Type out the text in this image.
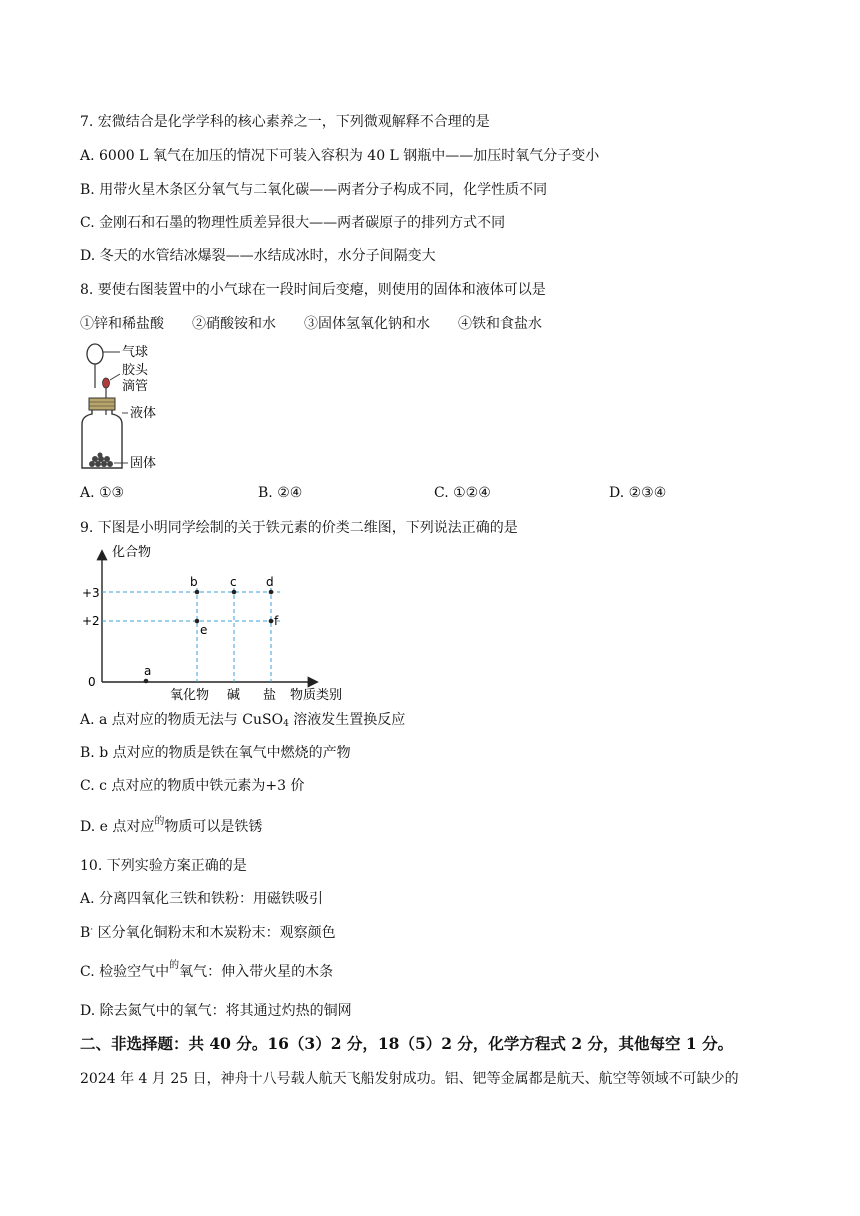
7. 宏微结合是化学学科的核心素养之一，下列微观解释不合理的是
A. 6000 L 氧气在加压的情况下可装入容积为 40 L 钢瓶中——加压时氧气分子变小
B. 用带火星木条区分氧气与二氧化碳——两者分子构成不同，化学性质不同
C. 金刚石和石墨的物理性质差异很大——两者碳原子的排列方式不同
D. 冬天的水管结冰爆裂——水结成冰时，水分子间隔变大
8. 要使右图装置中的小气球在一段时间后变瘪，则使用的固体和液体可以是
①锌和稀盐酸　　②硝酸铵和水　　③固体氢氧化钠和水　　④铁和食盐水
气球
胶头
滴管
液体
固体
A. ①③	B. ②④	C. ①②④	D. ②③④
9. 下图是小明同学绘制的关于铁元素的价类二维图，下列说法正确的是
化合物
+3
+2
0
a
b	c d
e
f
氧化物 碱 盐 物质类别
A. a 点对应的物质无法与 CuSO$_4$ 溶液发生置换反应
B. b 点对应的物质是铁在氧气中燃烧的产物
C. c 点对应的物质中铁元素为+3 价
D. e 点对应$^的$物质可以是铁锈
10. 下列实验方案正确的是
A. 分离四氧化三铁和铁粉：用磁铁吸引
B· 区分氧化铜粉末和木炭粉末：观察颜色
C. 检验空气中$^的$氧气：伸入带火星的木条
D. 除去氮气中的氧气：将其通过灼热的铜网
二、非选择题：共 40 分。16（3）2 分，18（5）2 分，化学方程式 2 分，其他每空 1 分。
2024 年 4 月 25 日，神舟十八号载人航天飞船发射成功。铝、钯等金属都是航天、航空等领域不可缺少的
